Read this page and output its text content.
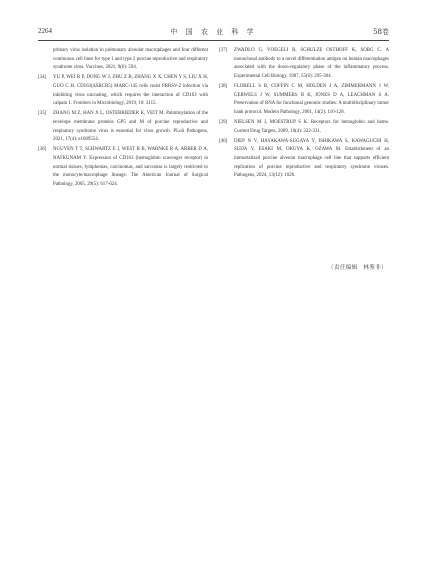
2264	中 国 农 业 科 学	58卷
primary virus isolation in pulmonary alveolar macrophages and four different continuous cell lines for type 1 and type 2 porcine reproductive and respiratory syndrome virus. Vaccines, 2021, 9(6): 594.
[34] YU P, WEI R P, DONG W J, ZHU Z B, ZHANG X X, CHEN Y S, LIU X H, GUO C H. CD163(ΔSRCR5) MARC-145 cells resist PRRSV-2 infection via inhibiting virus uncoating, which requires the interaction of CD163 with calpain 1. Frontiers in Microbiology, 2019, 10: 3115.
[35] ZHANG M Z, HAN X L, OSTERRIEDER K, VEIT M. Palmitoylation of the envelope membrane proteins GP5 and M of porcine reproductive and respiratory syndrome virus is essential for virus growth. PLoS Pathogens, 2021, 17(4): e1009554.
[36] NGUYEN T T, SCHWARTZ E J, WEST R B, WARNKE R A, ARBER D A, NATKUNAM Y. Expression of CD163 (hemoglobin scavenger receptor) in normal tissues, lymphomas, carcinomas, and sarcomas is largely restricted to the monocyte/macrophage lineage. The American Journal of Surgical Pathology, 2005, 29(5): 617-624.
[37] ZWADLO G, VOEGELI R, SCHULZE OSTHOFF K, SORG C. A monoclonal antibody to a novel differentiation antigen on human macrophages associated with the down-regulatory phase of the inflammatory process. Experimental Cell Biology, 1987, 55(6): 295-304.
[38] FLORELL S R, COFFIN C M, HOLDEN J A, ZIMMERMANN J W, GERWELS J W, SUMMERS B K, JONES D A, LEACHMAN S A. Preservation of RNA for functional genomic studies: A multidisciplinary tumor bank protocol. Modern Pathology, 2001, 14(2): 116-128.
[39] NIELSEN M J, MOESTRUP S K. Receptors for hemoglobin and heme. Current Drug Targets, 2009, 10(4): 322-331.
[40] DIEP N V, HAYAKAWA-SUGAYA Y, ISHIKAWA S, KAWAGUCHI H, SUDA Y, ESAKI M, OKUYA K, OZAWA M. Establishment of an immortalized porcine alveolar macrophage cell line that supports efficient replication of porcine reproductive and respiratory syndrome viruses. Pathogens, 2024, 13(12): 1026.
（责任编辑　林鉴非）
